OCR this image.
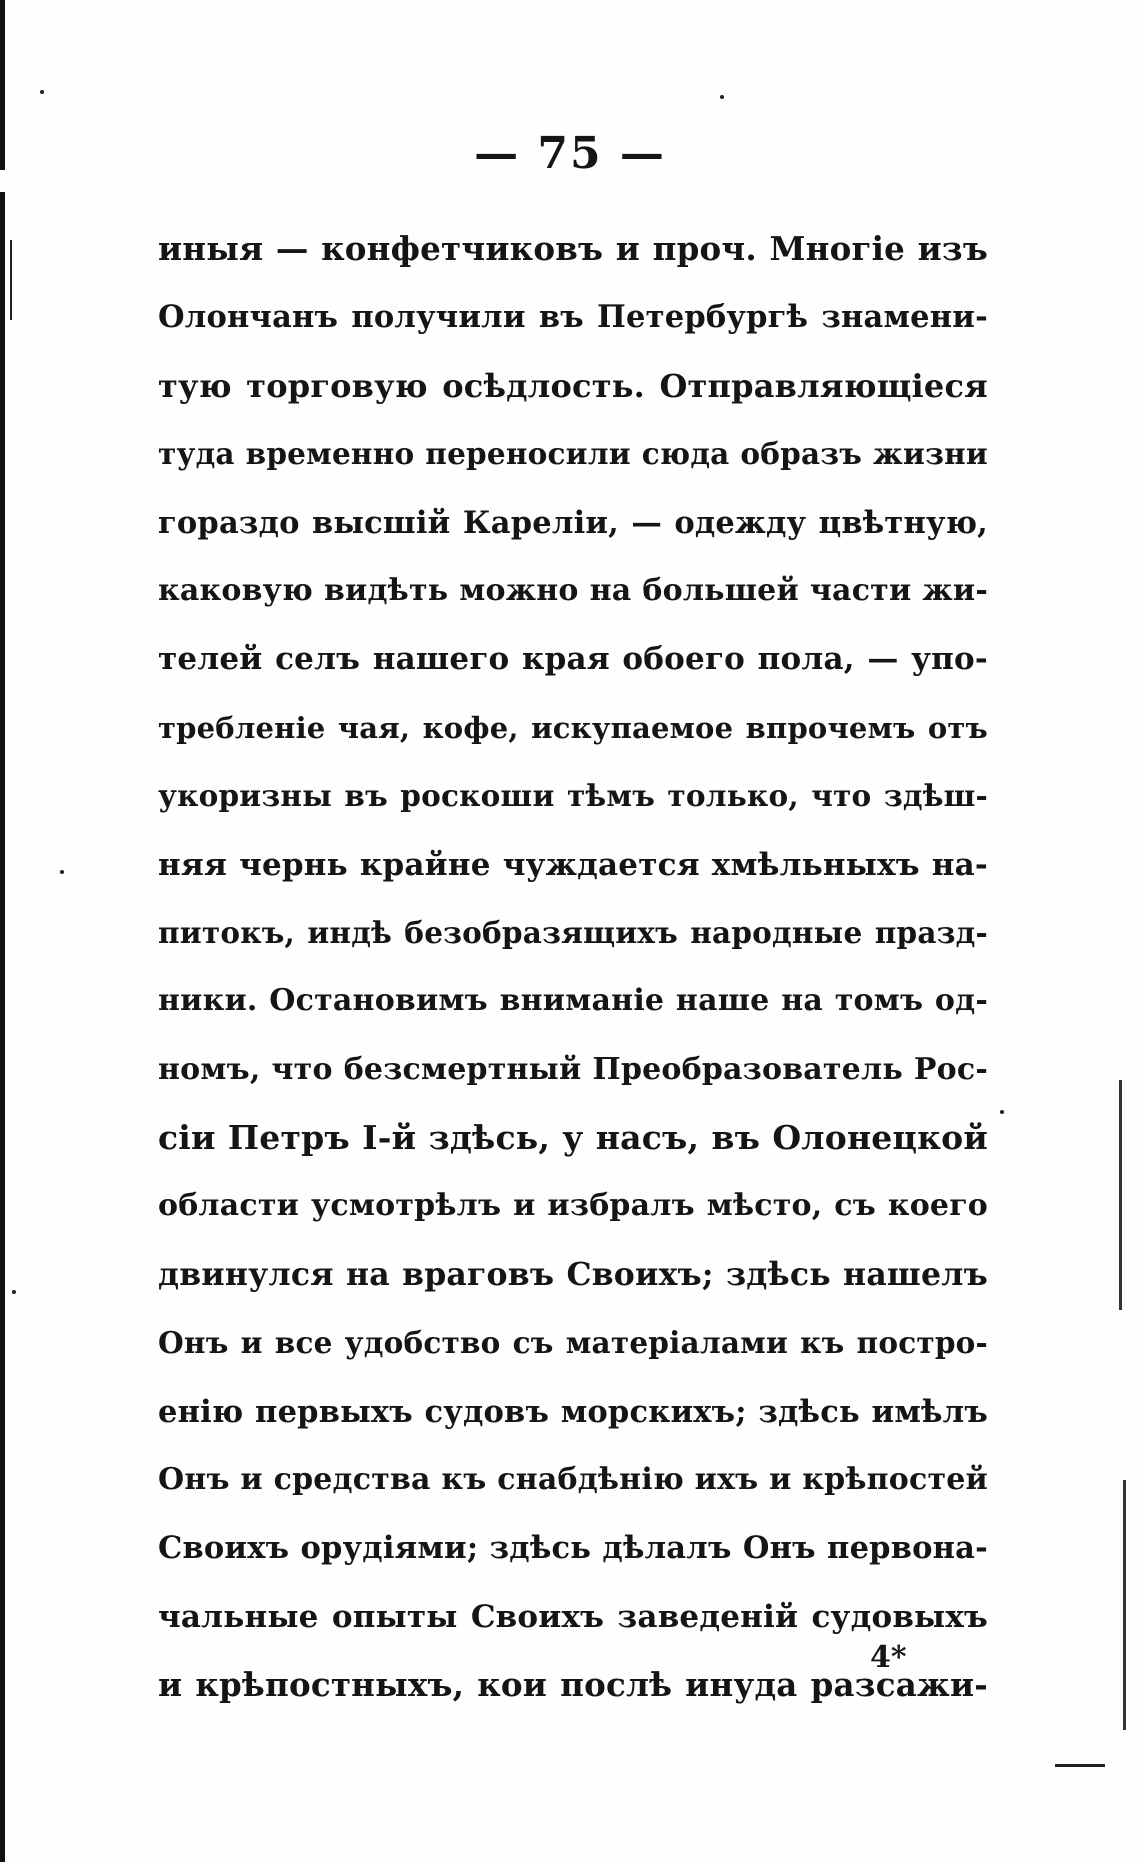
— 75 —
иныя — конфетчиковъ и проч. Многіе изъ
Олончанъ получили въ Петербургѣ знамени-
тую торговую осѣдлость. Отправляющіеся
туда временно переносили сюда образъ жизни
гораздо высшій Кареліи, — одежду цвѣтную,
каковую видѣть можно на большей части жи-
телей селъ нашего края обоего пола, — упо-
требленіе чая, кофе, искупаемое впрочемъ отъ
укоризны въ роскоши тѣмъ только, что здѣш-
няя чернь крайне чуждается хмѣльныхъ на-
питокъ, индѣ безобразящихъ народные празд-
ники. Остановимъ вниманіе наше на томъ од-
номъ, что безсмертный Преобразователь Рос-
сіи Петръ I-й здѣсь, у насъ, въ Олонецкой
области усмотрѣлъ и избралъ мѣсто, съ коего
двинулся на враговъ Своихъ; здѣсь нашелъ
Онъ и все удобство съ матеріалами къ постро-
енію первыхъ судовъ морскихъ; здѣсь имѣлъ
Онъ и средства къ снабдѣнію ихъ и крѣпостей
Своихъ орудіями; здѣсь дѣлалъ Онъ первона-
чальные опыты Своихъ заведеній судовыхъ
и крѣпостныхъ, кои послѣ инуда разсажи-
4*
